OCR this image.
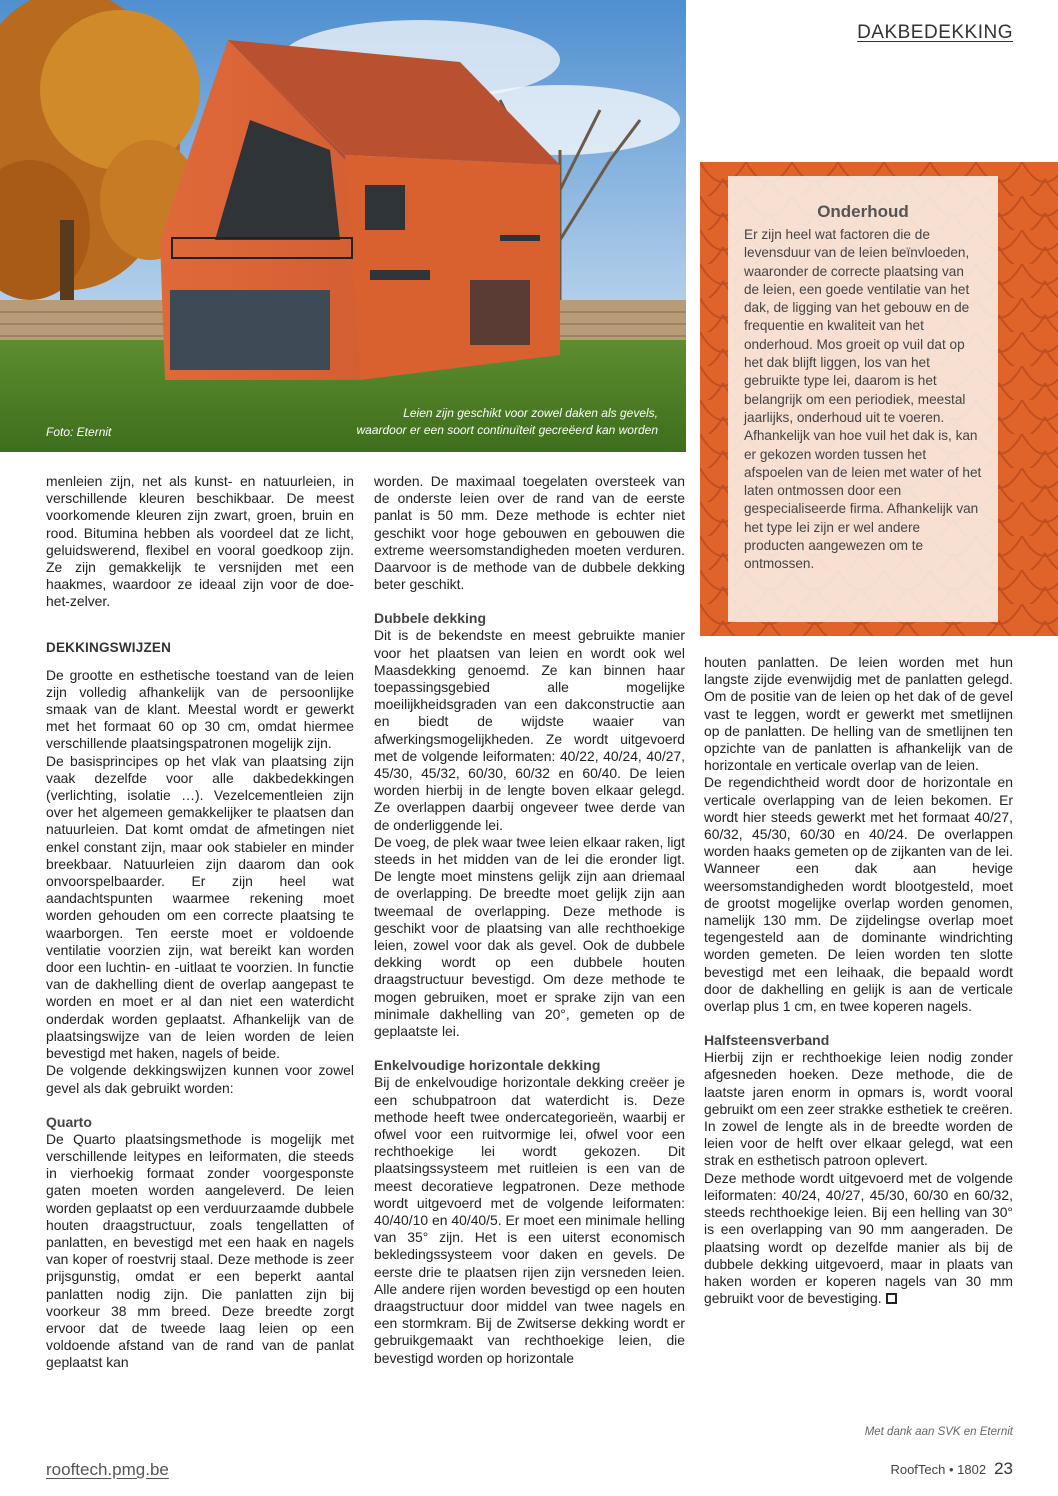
Foto: Eternit
Leien zijn geschikt voor zowel daken als gevels,
waardoor er een soort continuïteit gecreëerd kan worden
DAKBEDEKKING
Onderhoud

Er zijn heel wat factoren die de levensduur van de leien beïnvloeden, waaronder de correcte plaatsing van de leien, een goede ventilatie van het dak, de ligging van het gebouw en de frequentie en kwaliteit van het onderhoud. Mos groeit op vuil dat op het dak blijft liggen, los van het gebruikte type lei, daarom is het belangrijk om een periodiek, meestal jaarlijks, onderhoud uit te voeren. Afhankelijk van hoe vuil het dak is, kan er gekozen worden tussen het afspoelen van de leien met water of het laten ontmossen door een gespecialiseerde firma. Afhankelijk van het type lei zijn er wel andere producten aangewezen om te ontmossen.

menleien zijn, net als kunst- en natuurleien, in verschillende kleuren beschikbaar. De meest voorkomende kleuren zijn zwart, groen, bruin en rood. Bitumina hebben als voordeel dat ze licht, geluidswerend, flexibel en vooral goedkoop zijn. Ze zijn gemakkelijk te versnijden met een haakmes, waardoor ze ideaal zijn voor de doe-het-zelver.

DEKKINGSWIJZEN

De grootte en esthetische toestand van de leien zijn volledig afhankelijk van de persoonlijke smaak van de klant. Meestal wordt er gewerkt met het formaat 60 op 30 cm, omdat hiermee verschillende plaatsingspatronen mogelijk zijn.

De basisprincipes op het vlak van plaatsing zijn vaak dezelfde voor alle dakbedekkingen (verlichting, isolatie …). Vezelcementleien zijn over het algemeen gemakkelijker te plaatsen dan natuurleien. Dat komt omdat de afmetingen niet enkel constant zijn, maar ook stabieler en minder breekbaar. Natuurleien zijn daarom dan ook onvoorspelbaarder. Er zijn heel wat aandachtspunten waarmee rekening moet worden gehouden om een correcte plaatsing te waarborgen. Ten eerste moet er voldoende ventilatie voorzien zijn, wat bereikt kan worden door een luchtin- en -uitlaat te voorzien. In functie van de dakhelling dient de overlap aangepast te worden en moet er al dan niet een waterdicht onderdak worden geplaatst. Afhankelijk van de plaatsingswijze van de leien worden de leien bevestigd met haken, nagels of beide.

De volgende dekkingswijzen kunnen voor zowel gevel als dak gebruikt worden:

Quarto

De Quarto plaatsingsmethode is mogelijk met verschillende leitypes en leiformaten, die steeds in vierhoekig formaat zonder voorgesponste gaten moeten worden aangeleverd. De leien worden geplaatst op een verduurzaamde dubbele houten draagstructuur, zoals tengellatten of panlatten, en bevestigd met een haak en nagels van koper of roestvrij staal. Deze methode is zeer prijsgunstig, omdat er een beperkt aantal panlatten nodig zijn. Die panlatten zijn bij voorkeur 38 mm breed. Deze breedte zorgt ervoor dat de tweede laag leien op een voldoende afstand van de rand van de panlat geplaatst kan

worden. De maximaal toegelaten oversteek van de onderste leien over de rand van de eerste panlat is 50 mm. Deze methode is echter niet geschikt voor hoge gebouwen en gebouwen die extreme weersomstandigheden moeten verduren. Daarvoor is de methode van de dubbele dekking beter geschikt.

Dubbele dekking

Dit is de bekendste en meest gebruikte manier voor het plaatsen van leien en wordt ook wel Maasdekking genoemd. Ze kan binnen haar toepassingsgebied alle mogelijke moeilijkheidsgraden van een dakconstructie aan en biedt de wijdste waaier van afwerkingsmogelijkheden. Ze wordt uitgevoerd met de volgende leiformaten: 40/22, 40/24, 40/27, 45/30, 45/32, 60/30, 60/32 en 60/40. De leien worden hierbij in de lengte boven elkaar gelegd. Ze overlappen daarbij ongeveer twee derde van de onderliggende lei.

De voeg, de plek waar twee leien elkaar raken, ligt steeds in het midden van de lei die eronder ligt. De lengte moet minstens gelijk zijn aan driemaal de overlapping. De breedte moet gelijk zijn aan tweemaal de overlapping. Deze methode is geschikt voor de plaatsing van alle rechthoekige leien, zowel voor dak als gevel. Ook de dubbele dekking wordt op een dubbele houten draagstructuur bevestigd. Om deze methode te mogen gebruiken, moet er sprake zijn van een minimale dakhelling van 20°, gemeten op de geplaatste lei.

Enkelvoudige horizontale dekking

Bij de enkelvoudige horizontale dekking creëer je een schubpatroon dat waterdicht is. Deze methode heeft twee ondercategorieën, waarbij er ofwel voor een ruitvormige lei, ofwel voor een rechthoekige lei wordt gekozen. Dit plaatsingssysteem met ruitleien is een van de meest decoratieve legpatronen. Deze methode wordt uitgevoerd met de volgende leiformaten: 40/40/10 en 40/40/5. Er moet een minimale helling van 35° zijn. Het is een uiterst economisch bekledingssysteem voor daken en gevels. De eerste drie te plaatsen rijen zijn versneden leien. Alle andere rijen worden bevestigd op een houten draagstructuur door middel van twee nagels en een stormkram. Bij de Zwitserse dekking wordt er gebruikgemaakt van rechthoekige leien, die bevestigd worden op horizontale

houten panlatten. De leien worden met hun langste zijde evenwijdig met de panlatten gelegd. Om de positie van de leien op het dak of de gevel vast te leggen, wordt er gewerkt met smetlijnen op de panlatten. De helling van de smetlijnen ten opzichte van de panlatten is afhankelijk van de horizontale en verticale overlap van de leien.

De regendichtheid wordt door de horizontale en verticale overlapping van de leien bekomen. Er wordt hier steeds gewerkt met het formaat 40/27, 60/32, 45/30, 60/30 en 40/24. De overlappen worden haaks gemeten op de zijkanten van de lei. Wanneer een dak aan hevige weersomstandigheden wordt blootgesteld, moet de grootst mogelijke overlap worden genomen, namelijk 130 mm. De zijdelingse overlap moet tegengesteld aan de dominante windrichting worden gemeten. De leien worden ten slotte bevestigd met een leihaak, die bepaald wordt door de dakhelling en gelijk is aan de verticale overlap plus 1 cm, en twee koperen nagels.

Halfsteensverband

Hierbij zijn er rechthoekige leien nodig zonder afgesneden hoeken. Deze methode, die de laatste jaren enorm in opmars is, wordt vooral gebruikt om een zeer strakke esthetiek te creëren. In zowel de lengte als in de breedte worden de leien voor de helft over elkaar gelegd, wat een strak en esthetisch patroon oplevert.

Deze methode wordt uitgevoerd met de volgende leiformaten: 40/24, 40/27, 45/30, 60/30 en 60/32, steeds rechthoekige leien. Bij een helling van 30° is een overlapping van 90 mm aangeraden. De plaatsing wordt op dezelfde manier als bij de dubbele dekking uitgevoerd, maar in plaats van haken worden er koperen nagels van 30 mm gebruikt voor de bevestiging.

Met dank aan SVK en Eternit
rooftech.pmg.be	RoofTech • 1802 23
